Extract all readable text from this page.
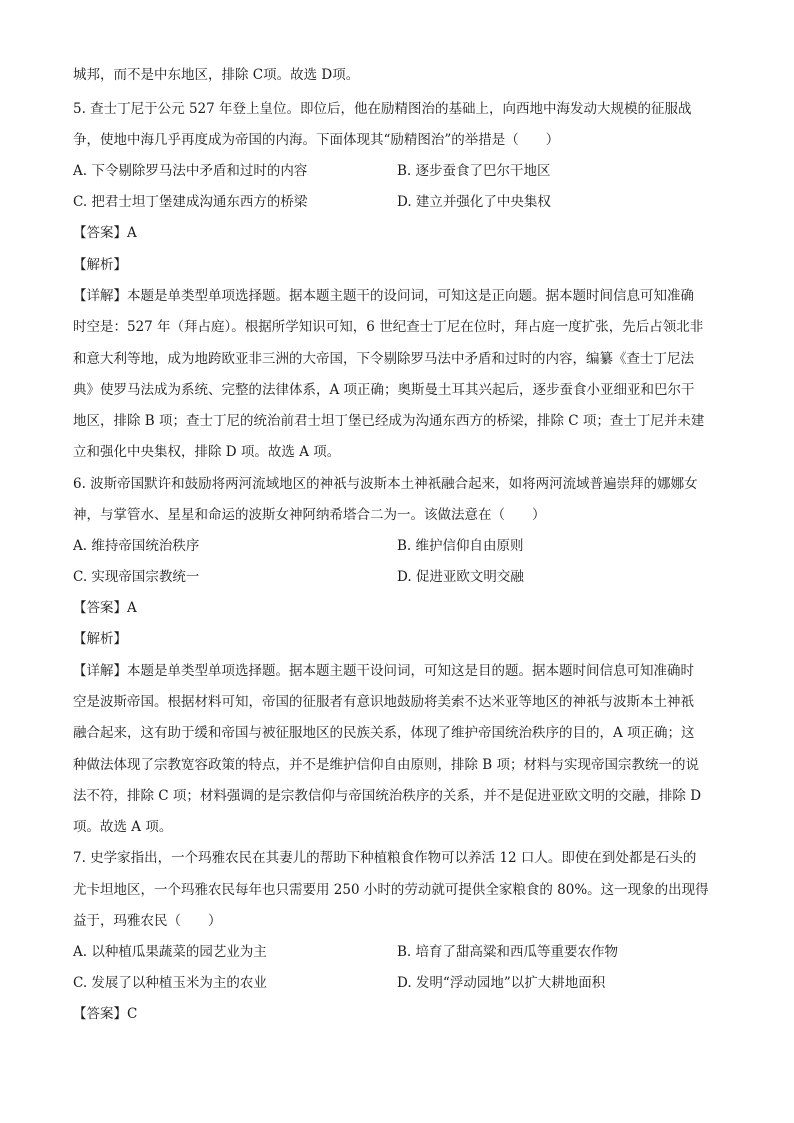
城邦，而不是中东地区，排除 C项。故选 D项。
5. 查士丁尼于公元 527 年登上皇位。即位后，他在励精图治的基础上，向西地中海发动大规模的征服战
争，使地中海几乎再度成为帝国的内海。下面体现其“励精图治”的举措是（　　）
A. 下令剔除罗马法中矛盾和过时的内容	B. 逐步蚕食了巴尔干地区
C. 把君士坦丁堡建成沟通东西方的桥梁	D. 建立并强化了中央集权
【答案】A
【解析】
【详解】本题是单类型单项选择题。据本题主题干的设问词，可知这是正向题。据本题时间信息可知准确
时空是：527 年（拜占庭）。根据所学知识可知，6 世纪查士丁尼在位时，拜占庭一度扩张，先后占领北非
和意大利等地，成为地跨欧亚非三洲的大帝国，下令剔除罗马法中矛盾和过时的内容，编纂《查士丁尼法
典》使罗马法成为系统、完整的法律体系，A 项正确；奥斯曼土耳其兴起后，逐步蚕食小亚细亚和巴尔干
地区，排除 B 项；查士丁尼的统治前君士坦丁堡已经成为沟通东西方的桥梁，排除 C 项；查士丁尼并未建
立和强化中央集权，排除 D 项。故选 A 项。
6. 波斯帝国默许和鼓励将两河流域地区的神祇与波斯本土神祇融合起来，如将两河流域普遍崇拜的娜娜女
神，与掌管水、星星和命运的波斯女神阿纳希塔合二为一。该做法意在（　　）
A. 维持帝国统治秩序	B. 维护信仰自由原则
C. 实现帝国宗教统一	D. 促进亚欧文明交融
【答案】A
【解析】
【详解】本题是单类型单项选择题。据本题主题干设问词，可知这是目的题。据本题时间信息可知准确时
空是波斯帝国。根据材料可知，帝国的征服者有意识地鼓励将美索不达米亚等地区的神祇与波斯本土神祇
融合起来，这有助于缓和帝国与被征服地区的民族关系，体现了维护帝国统治秩序的目的，A 项正确；这
种做法体现了宗教宽容政策的特点，并不是维护信仰自由原则，排除 B 项；材料与实现帝国宗教统一的说
法不符，排除 C 项；材料强调的是宗教信仰与帝国统治秩序的关系，并不是促进亚欧文明的交融，排除 D
项。故选 A 项。
7. 史学家指出，一个玛雅农民在其妻儿的帮助下种植粮食作物可以养活 12 口人。即使在到处都是石头的
尤卡坦地区，一个玛雅农民每年也只需要用 250 小时的劳动就可提供全家粮食的 80%。这一现象的出现得
益于，玛雅农民（　　）
A. 以种植瓜果蔬菜的园艺业为主	B. 培育了甜高粱和西瓜等重要农作物
C. 发展了以种植玉米为主的农业	D. 发明“浮动园地”以扩大耕地面积
【答案】C
